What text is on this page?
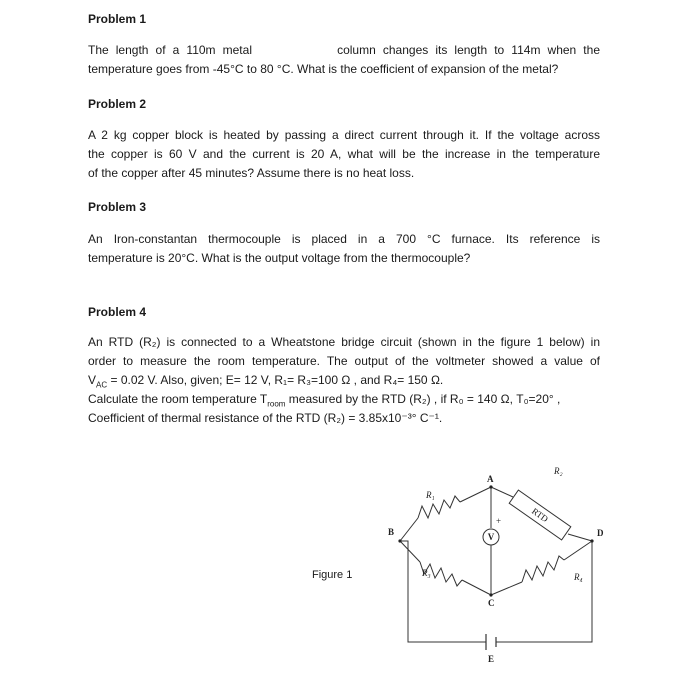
Problem 1

The length of a 110m metal	column changes its length to 114m when the
temperature goes from -45°C to 80 °C. What is the coefficient of expansion of the metal?

Problem 2

A 2 kg copper block is heated by passing a direct current through it. If the voltage across
the copper is 60 V and the current is 20 A, what will be the increase in the temperature
of the copper after 45 minutes? Assume there is no heat loss.

Problem 3

An Iron-constantan thermocouple is placed in a 700 °C furnace. Its reference is
temperature is 20°C. What is the output voltage from the thermocouple?

Problem 4

An RTD (R₂) is connected to a Wheatstone bridge circuit (shown in the figure 1 below) in
order to measure the room temperature. The output of the voltmeter showed a value of
$V_{AC} = 0.02$ V. Also, given; E= 12 V, R₁= R₃=100 Ω , and R₄= 150 Ω.
Calculate the room temperature $T_{room}$ measured by the RTD (R₂) , if R₀ = 140 Ω, T₀=20° ,
Coefficient of thermal resistance of the RTD (R₂) = 3.85x10⁻³° C⁻¹.
Figure 1
RTD
B
A
C
D
E
R₁
R₃
R₂
R₄
V
+
